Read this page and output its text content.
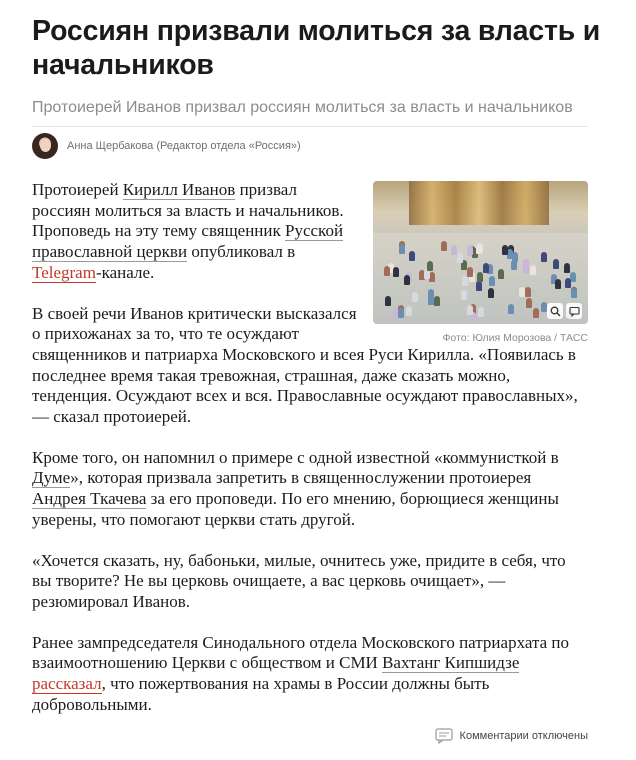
Россиян призвали молиться за власть и начальников
Протоиерей Иванов призвал россиян молиться за власть и начальников
Анна Щербакова (Редактор отдела «Россия»)
Фото: Юлия Морозова / ТАСС

Протоиерей Кирилл Иванов призвал россиян молиться за власть и начальников. Проповедь на эту тему священник Русской православной церкви опубликовал в Telegram-канале.

В своей речи Иванов критически высказался о прихожанах за то, что те осуждают священников и патриарха Московского и всея Руси Кирилла. «Появилась в последнее время такая тревожная, страшная, даже сказать можно, тенденция. Осуждают всех и вся. Православные осуждают православных», — сказал протоиерей.

Кроме того, он напомнил о примере с одной известной «коммунисткой в Думе», которая призвала запретить в священнослужении протоиерея Андрея Ткачева за его проповеди. По его мнению, борющиеся женщины уверены, что помогают церкви стать другой.

«Хочется сказать, ну, бабоньки, милые, очнитесь уже, придите в себя, что вы творите? Не вы церковь очищаете, а вас церковь очищает», — резюмировал Иванов.

Ранее зампредседателя Синодального отдела Московского патриархата по взаимоотношению Церкви с обществом и СМИ Вахтанг Кипшидзе рассказал, что пожертвования на храмы в России должны быть добровольными.

Комментарии отключены
